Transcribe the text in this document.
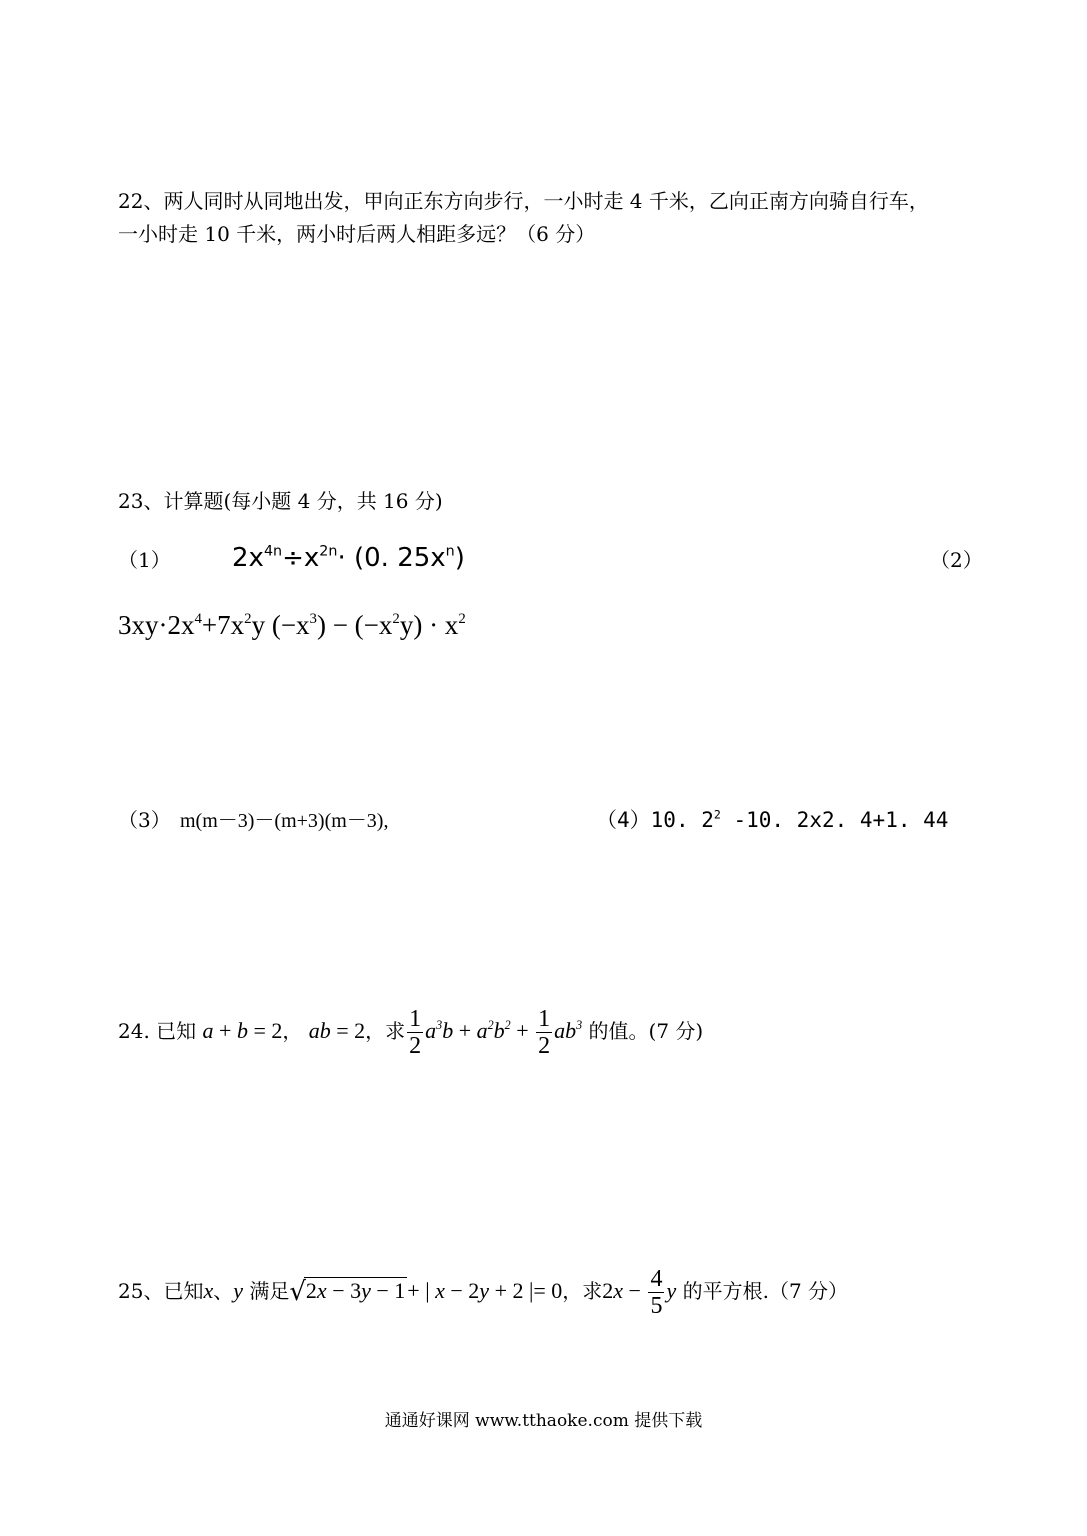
22、两人同时从同地出发，甲向正东方向步行，一小时走 4 千米，乙向正南方向骑自行车，
一小时走 10 千米，两小时后两人相距多远？（6 分）
23、计算题(每小题 4 分，共 16 分)
（1） $2x^{4n}\div x^{2n}\cdot (0$. $25x^n$)	（2）
$3xy\cdot 2x^4+7x^2y$ $(-x^3) - (-x^2y) \cdot x^2$
（3） m(m－3)－(m+3)(m－3),	（4）10. $2^2$ -10. 2x2. 4+1. 44
24. 已知 a + b = 2， ab = 2，求 $\frac{1}{2} a^3b + a^2b^2 + \frac{1}{2} ab^3$ 的值。(7 分)
25、已知x、y 满足√2x − 3y − 1+ | x − 2y + 2 |= 0，求$2x - \frac{4}{5}$ y 的平方根.（7 分）
通通好课网 www.tthaoke.com 提供下载
